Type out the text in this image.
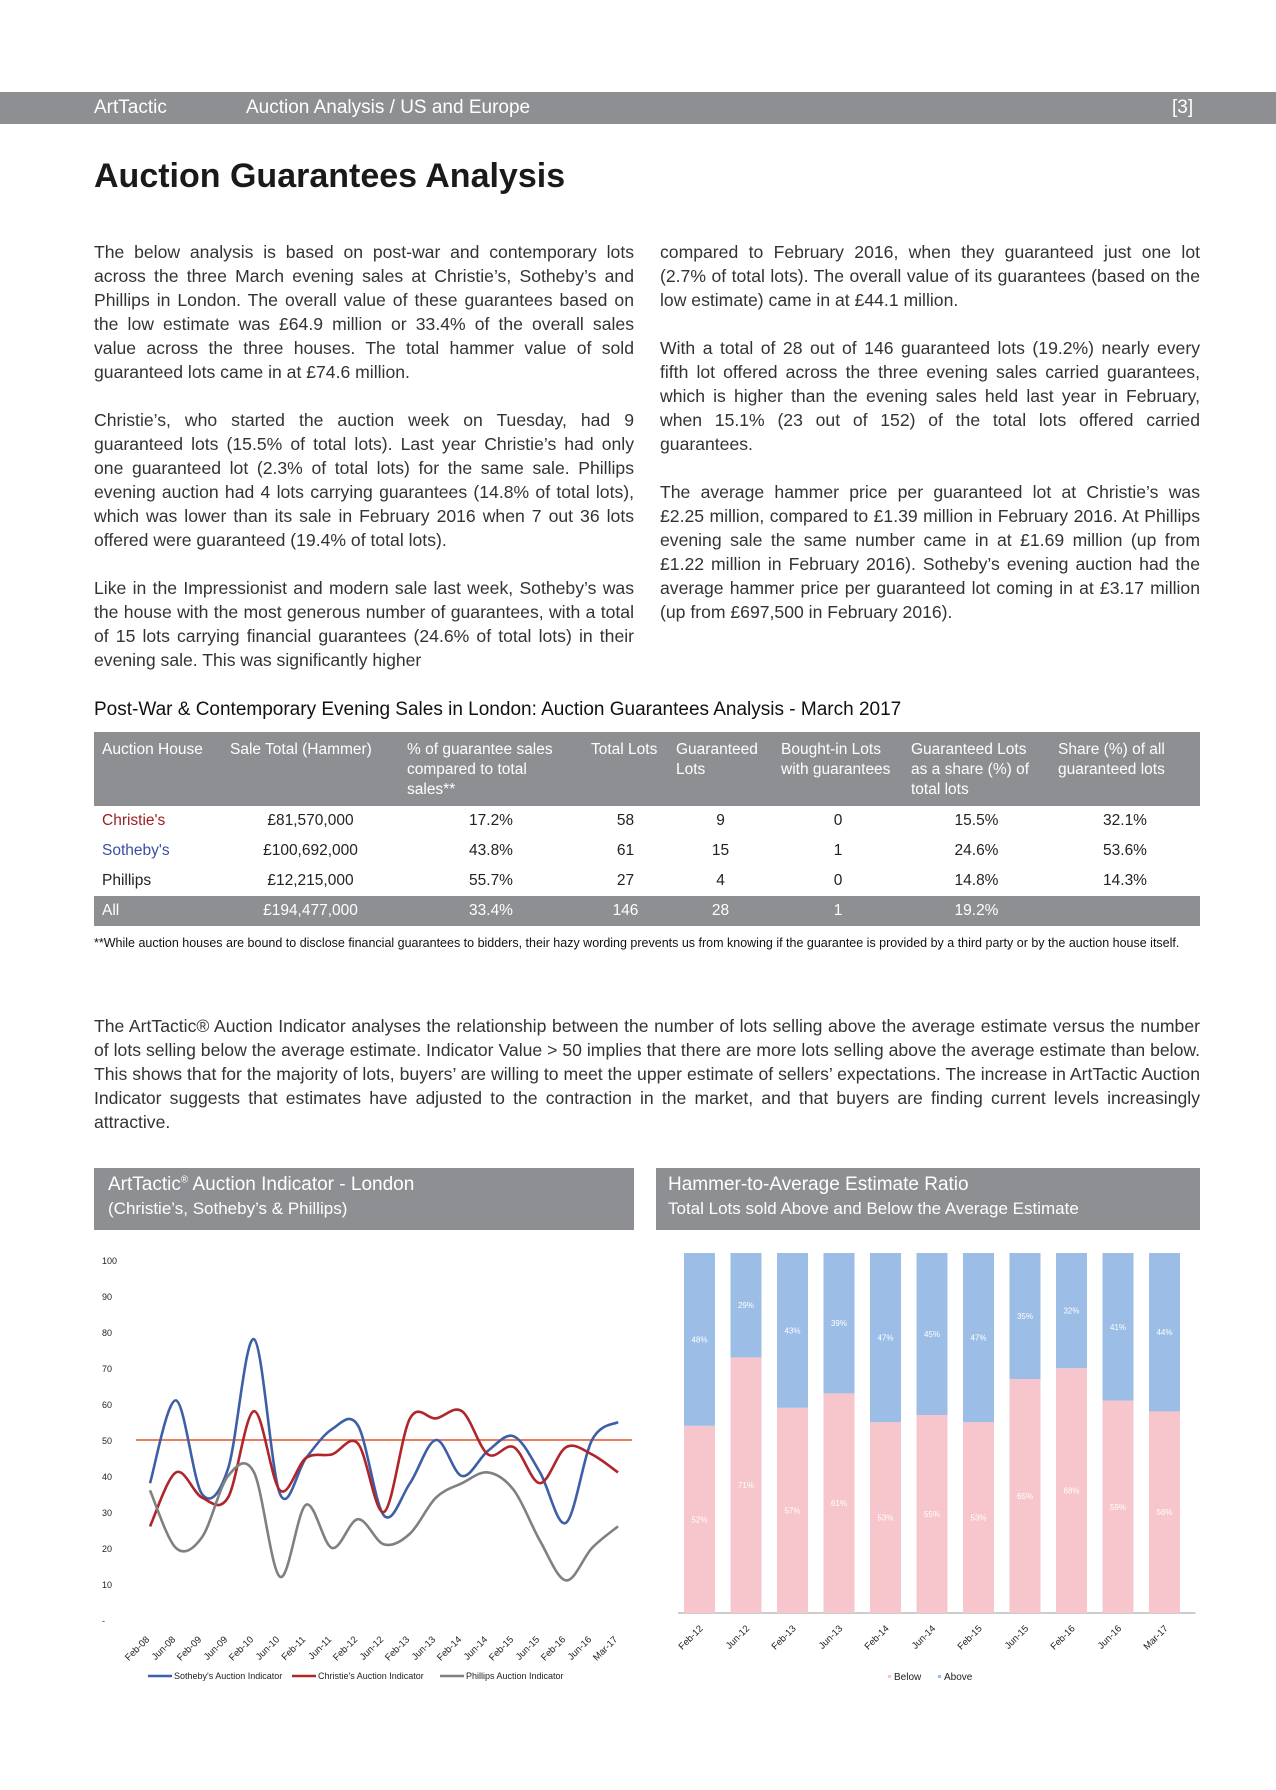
ArtTactic	Auction Analysis / US and Europe	[3]
Auction Guarantees Analysis

The below analysis is based on post-war and contemporary lots across the three March evening sales at Christie’s, Sotheby’s and Phillips in London. The overall value of these guarantees based on the low estimate was £64.9 million or 33.4% of the overall sales value across the three houses. The total hammer value of sold guaranteed lots came in at £74.6 million.

Christie’s, who started the auction week on Tuesday, had 9 guaranteed lots (15.5% of total lots). Last year Christie’s had only one guaranteed lot (2.3% of total lots) for the same sale. Phillips evening auction had 4 lots carrying guarantees (14.8% of total lots), which was lower than its sale in February 2016 when 7 out 36 lots offered were guaranteed (19.4% of total lots).

Like in the Impressionist and modern sale last week, Sotheby’s was the house with the most generous number of guarantees, with a total of 15 lots carrying financial guarantees (24.6% of total lots) in their evening sale. This was significantly higher

compared to February 2016, when they guaranteed just one lot (2.7% of total lots). The overall value of its guarantees (based on the low estimate) came in at £44.1 million.

With a total of 28 out of 146 guaranteed lots (19.2%) nearly every fifth lot offered across the three evening sales carried guarantees, which is higher than the evening sales held last year in February, when 15.1% (23 out of 152) of the total lots offered carried guarantees.

The average hammer price per guaranteed lot at Christie’s was £2.25 million, compared to £1.39 million in February 2016. At Phillips evening sale the same number came in at £1.69 million (up from £1.22 million in February 2016). Sotheby’s evening auction had the average hammer price per guaranteed lot coming in at £3.17 million (up from £697,500 in February 2016).

Post-War & Contemporary Evening Sales in London: Auction Guarantees Analysis - March 2017
Auction House	Sale Total (Hammer)	% of guarantee sales compared to total sales**	Total Lots	Guaranteed Lots	Bought-in Lots with guarantees	Guaranteed Lots as a share (%) of total lots	Share (%) of all guaranteed lots
Christie's	£81,570,000	17.2%	58	9	0	15.5%	32.1%
Sotheby's	£100,692,000	43.8%	61	15	1	24.6%	53.6%
Phillips	£12,215,000	55.7%	27	4	0	14.8%	14.3%
All	£194,477,000	33.4%	146	28	1	19.2%	
**While auction houses are bound to disclose financial guarantees to bidders, their hazy wording prevents us from knowing if the guarantee is provided by a third party or by the auction house itself.
The ArtTactic® Auction Indicator analyses the relationship between the number of lots selling above the average estimate versus the number of lots selling below the average estimate. Indicator Value > 50 implies that there are more lots selling above the average estimate than below. This shows that for the majority of lots, buyers’ are willing to meet the upper estimate of sellers’ expectations. The increase in ArtTactic Auction Indicator suggests that estimates have adjusted to the contraction in the market, and that buyers are finding current levels increasingly attractive.
ArtTactic® Auction Indicator - London
(Christie’s, Sotheby’s & Phillips)
Hammer-to-Average Estimate Ratio
Total Lots sold Above and Below the Average Estimate
-
10
20
30
40
50
60
70
80
90
100
Feb-08
Jun-08
Feb-09
Jun-09
Feb-10
Jun-10
Feb-11
Jun-11
Feb-12
Jun-12
Feb-13
Jun-13
Feb-14
Jun-14
Feb-15
Jun-15
Feb-16
Jun-16
Mar-17
Sotheby's Auction Indicator	Christie's Auction Indicator	Phillips Auction Indicator
52%
48%
Feb-12
71%
29%
Jun-12
57%
43%
Feb-13
61%
39%
Jun-13
53%
47%
Feb-14
55%
45%
Jun-14
53%
47%
Feb-15
65%
35%
Jun-15
68%
32%
Feb-16
59%
41%
Jun-16
56%
44%
Mar-17
Below Above
